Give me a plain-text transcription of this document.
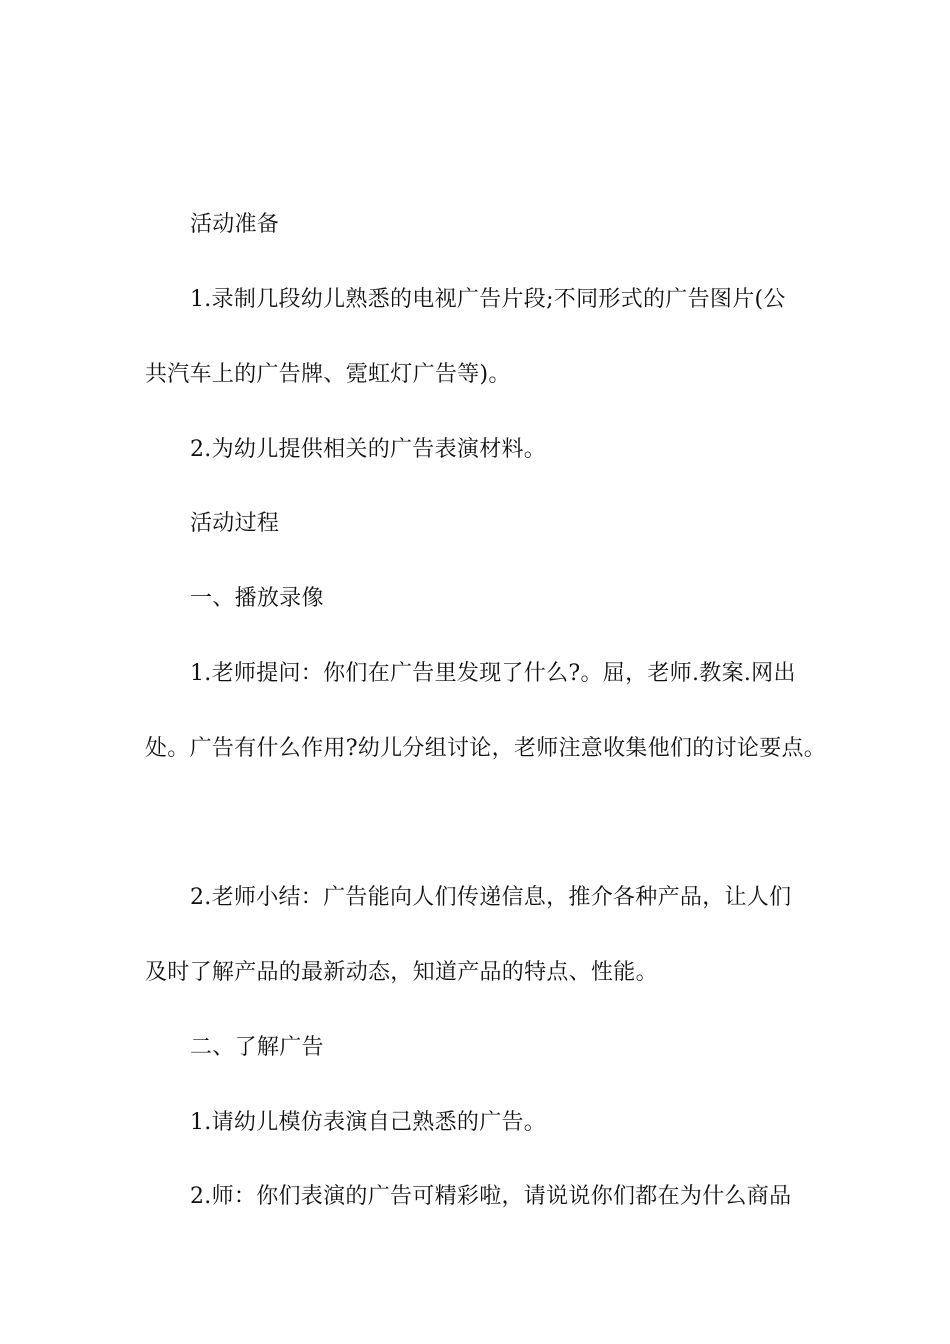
活动准备
1.录制几段幼儿熟悉的电视广告片段;不同形式的广告图片(公
共汽车上的广告牌、霓虹灯广告等)。
2.为幼儿提供相关的广告表演材料。
活动过程
一、播放录像
1.老师提问：你们在广告里发现了什么?。屈，老师.教案.网出
处。广告有什么作用?幼儿分组讨论，老师注意收集他们的讨论要点。
2.老师小结：广告能向人们传递信息，推介各种产品，让人们
及时了解产品的最新动态，知道产品的特点、性能。
二、了解广告
1.请幼儿模仿表演自己熟悉的广告。
2.师：你们表演的广告可精彩啦，请说说你们都在为什么商品
